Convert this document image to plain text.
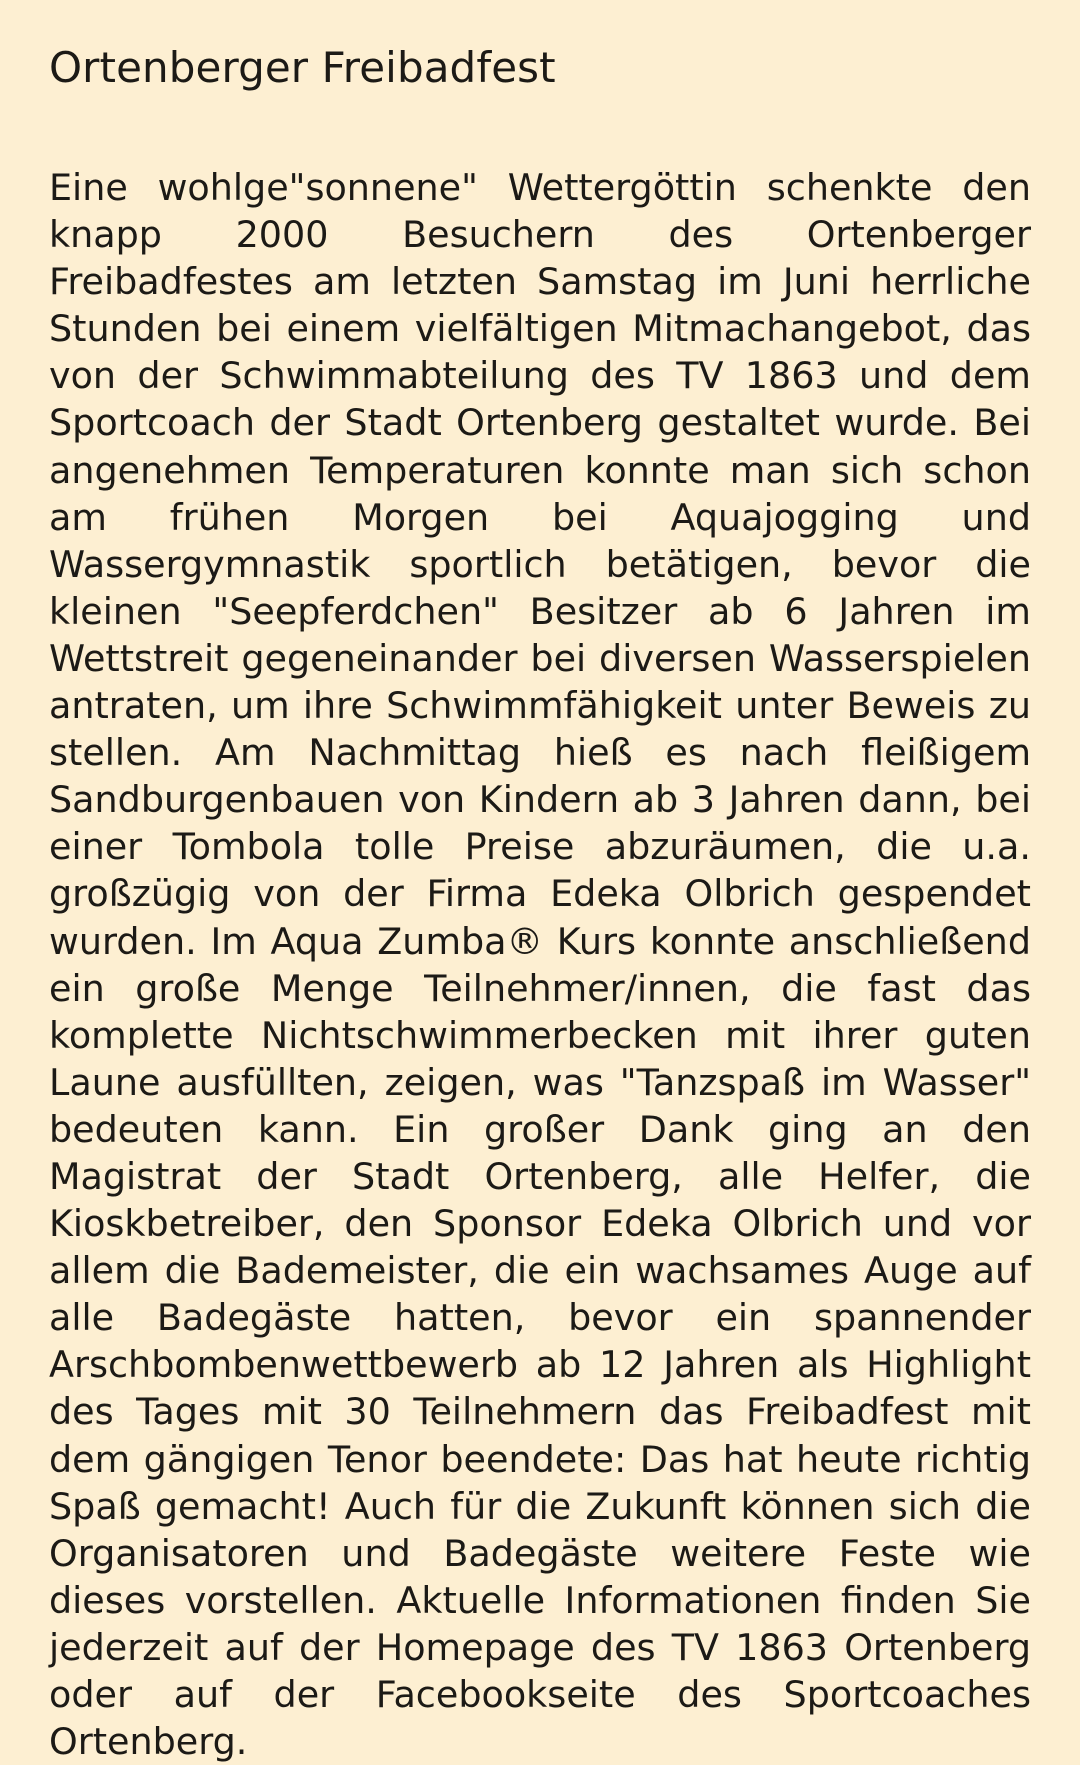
Ortenberger Freibadfest

Eine wohlge"sonnene" Wettergöttin schenkte den knapp 2000 Besuchern des Ortenberger Freibadfestes am letzten Samstag im Juni herrliche Stunden bei einem vielfältigen Mitmachangebot, das von der Schwimmabteilung des TV 1863 und dem Sportcoach der Stadt Ortenberg gestaltet wurde. Bei angenehmen Temperaturen konnte man sich schon am frühen Morgen bei Aquajogging und Wassergymnastik sportlich betätigen, bevor die kleinen "Seepferdchen" Besitzer ab 6 Jahren im Wettstreit gegeneinander bei diversen Wasserspielen antraten, um ihre Schwimmfähigkeit unter Beweis zu stellen. Am Nachmittag hieß es nach fleißigem Sandburgenbauen von Kindern ab 3 Jahren dann, bei einer Tombola tolle Preise abzuräumen, die u.a. großzügig von der Firma Edeka Olbrich gespendet wurden. Im Aqua Zumba® Kurs konnte anschließend ein große Menge Teilnehmer/innen, die fast das komplette Nichtschwimmerbecken mit ihrer guten Laune ausfüllten, zeigen, was "Tanzspaß im Wasser" bedeuten kann. Ein großer Dank ging an den Magistrat der Stadt Ortenberg, alle Helfer, die Kioskbetreiber, den Sponsor Edeka Olbrich und vor allem die Bademeister, die ein wachsames Auge auf alle Badegäste hatten, bevor ein spannender Arschbombenwettbewerb ab 12 Jahren als Highlight des Tages mit 30 Teilnehmern das Freibadfest mit dem gängigen Tenor beendete: Das hat heute richtig Spaß gemacht! Auch für die Zukunft können sich die Organisatoren und Badegäste weitere Feste wie dieses vorstellen. Aktuelle Informationen finden Sie jederzeit auf der Homepage des TV 1863 Ortenberg oder auf der Facebookseite des Sportcoaches Ortenberg.
